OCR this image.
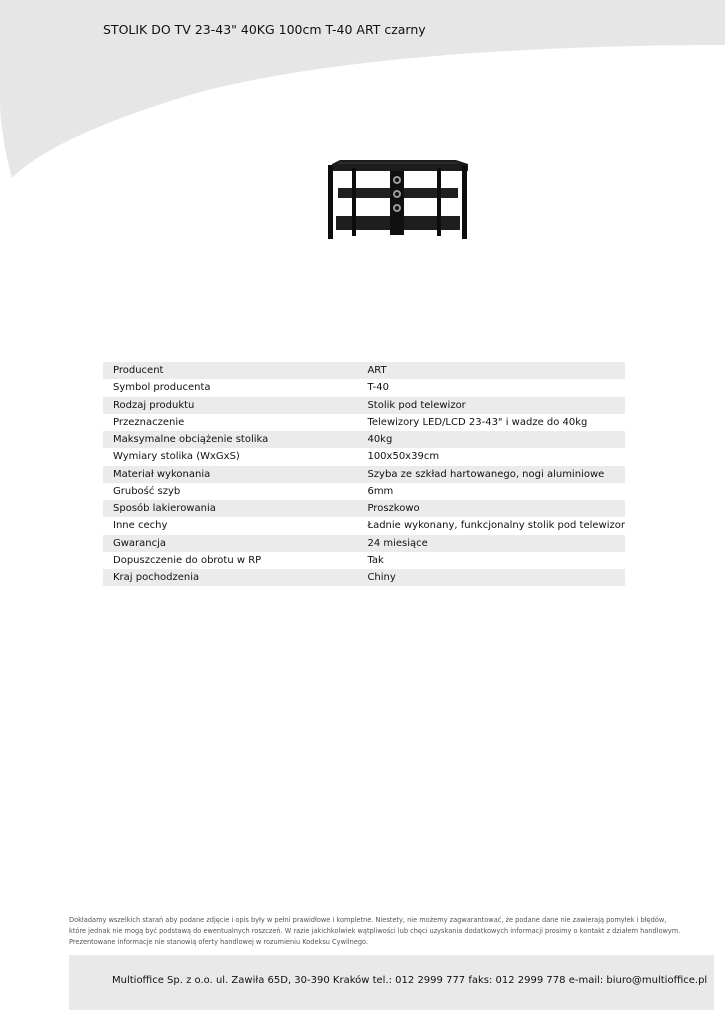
STOLIK DO TV 23-43" 40KG 100cm T-40 ART czarny
Producent	ART
Symbol producenta	T-40
Rodzaj produktu	Stolik pod telewizor
Przeznaczenie	Telewizory LED/LCD 23-43" i wadze do 40kg
Maksymalne obciążenie stolika	40kg
Wymiary stolika (WxGxS)	100x50x39cm
Materiał wykonania	Szyba ze szkład hartowanego, nogi aluminiowe
Grubość szyb	6mm
Sposób lakierowania	Proszkowo
Inne cechy	Ładnie wykonany, funkcjonalny stolik pod telewizor
Gwarancja	24 miesiące
Dopuszczenie do obrotu w RP	Tak
Kraj pochodzenia	Chiny
Dokładamy wszelkich starań aby podane zdjęcie i opis były w pełni prawidłowe i kompletne. Niestety, nie możemy zagwarantować, że podane dane nie zawierają pomyłek i błędów,
które jednak nie mogą być podstawą do ewentualnych roszczeń. W razie jakichkolwiek wątpliwości lub chęci uzyskania dodatkowych informacji prosimy o kontakt z działem handlowym.
Prezentowane informacje nie stanowią oferty handlowej w rozumieniu Kodeksu Cywilnego.
Multioffice Sp. z o.o. ul. Zawiła 65D, 30-390 Kraków tel.: 012 2999 777 faks: 012 2999 778 e-mail: biuro@multioffice.pl
